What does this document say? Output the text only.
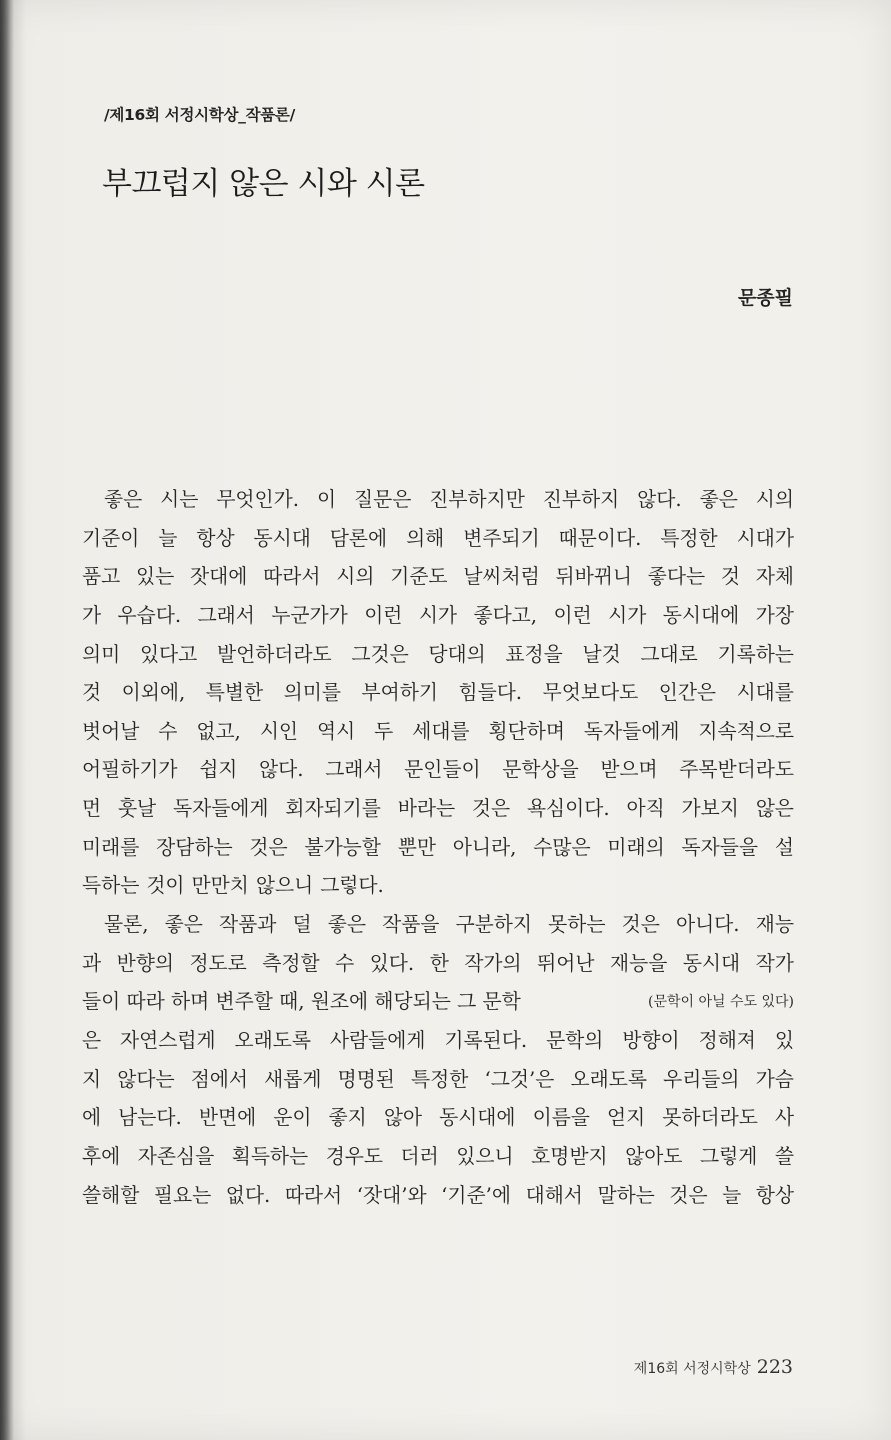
/제16회 서정시학상_작품론/
부끄럽지 않은 시와 시론
문종필
좋은 시는 무엇인가. 이 질문은 진부하지만 진부하지 않다. 좋은 시의
기준이 늘 항상 동시대 담론에 의해 변주되기 때문이다. 특정한 시대가
품고 있는 잣대에 따라서 시의 기준도 날씨처럼 뒤바뀌니 좋다는 것 자체
가 우습다. 그래서 누군가가 이런 시가 좋다고, 이런 시가 동시대에 가장
의미 있다고 발언하더라도 그것은 당대의 표정을 날것 그대로 기록하는
것 이외에, 특별한 의미를 부여하기 힘들다. 무엇보다도 인간은 시대를
벗어날 수 없고, 시인 역시 두 세대를 횡단하며 독자들에게 지속적으로
어필하기가 쉽지 않다. 그래서 문인들이 문학상을 받으며 주목받더라도
먼 훗날 독자들에게 회자되기를 바라는 것은 욕심이다. 아직 가보지 않은
미래를 장담하는 것은 불가능할 뿐만 아니라, 수많은 미래의 독자들을 설
득하는 것이 만만치 않으니 그렇다.
물론, 좋은 작품과 덜 좋은 작품을 구분하지 못하는 것은 아니다. 재능
과 반향의 정도로 측정할 수 있다. 한 작가의 뛰어난 재능을 동시대 작가
들이 따라 하며 변주할 때, 원조에 해당되는 그 문학	(문학이 아닐 수도 있다)
은 자연스럽게 오래도록 사람들에게 기록된다. 문학의 방향이 정해져 있
지 않다는 점에서 새롭게 명명된 특정한 ‘그것’은 오래도록 우리들의 가슴
에 남는다. 반면에 운이 좋지 않아 동시대에 이름을 얻지 못하더라도 사
후에 자존심을 획득하는 경우도 더러 있으니 호명받지 않아도 그렇게 쓸
쓸해할 필요는 없다. 따라서 ‘잣대’와 ‘기준’에 대해서 말하는 것은 늘 항상
제16회 서정시학상 223
